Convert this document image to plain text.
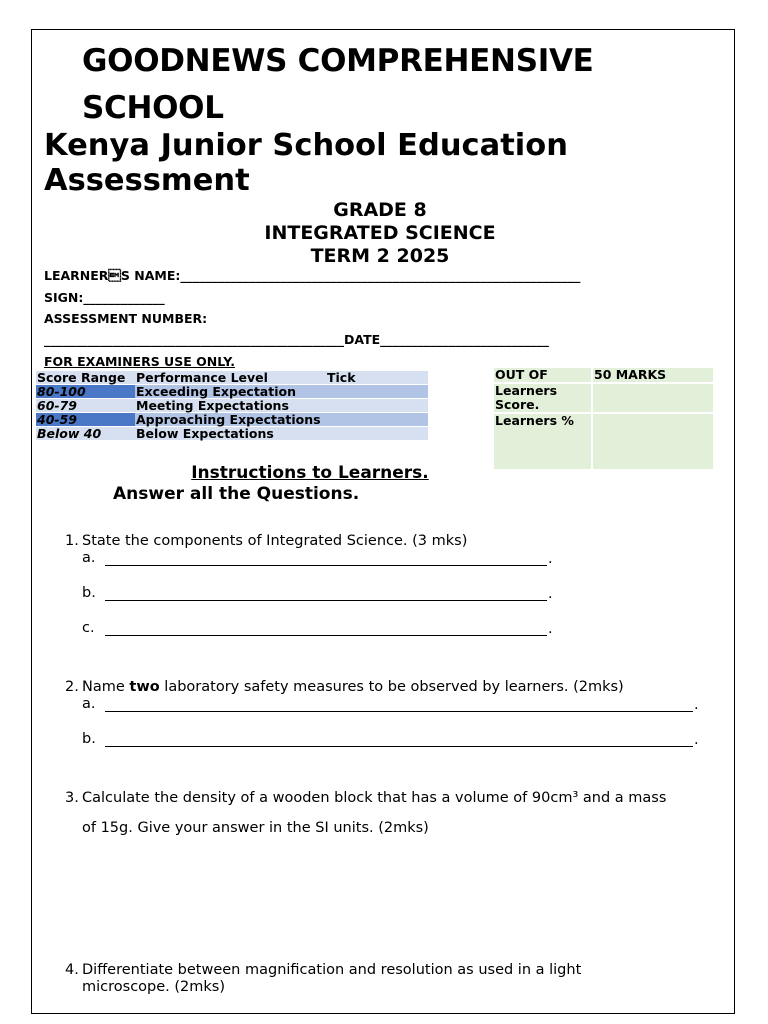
GOODNEWS COMPREHENSIVE SCHOOL
Kenya Junior School Education Assessment
GRADE 8
INTEGRATED SCIENCE
TERM 2 2025
LEARNERS NAME:________________________________________________________________
SIGN:_____________
ASSESSMENT NUMBER:
________________________________________________DATE___________________________
FOR EXAMINERS USE ONLY.
Score Range	Performance Level	Tick
80-100	Exceeding Expectation	
60-79	Meeting Expectations	
40-59	Approaching Expectations	
Below 40	Below Expectations	
OUT OF	50 MARKS
Learners Score.	
Learners %	
Instructions to Learners.
Answer all the Questions.
1. State the components of Integrated Science. (3 mks)
a.	.
b.	.
c.	.
2. Name two laboratory safety measures to be observed by learners. (2mks)
a.	.
b.	.
3. Calculate the density of a wooden block that has a volume of 90cm³ and a mass
of 15g. Give your answer in the SI units. (2mks)
4. Differentiate between magnification and resolution as used in a light
microscope. (2mks)
